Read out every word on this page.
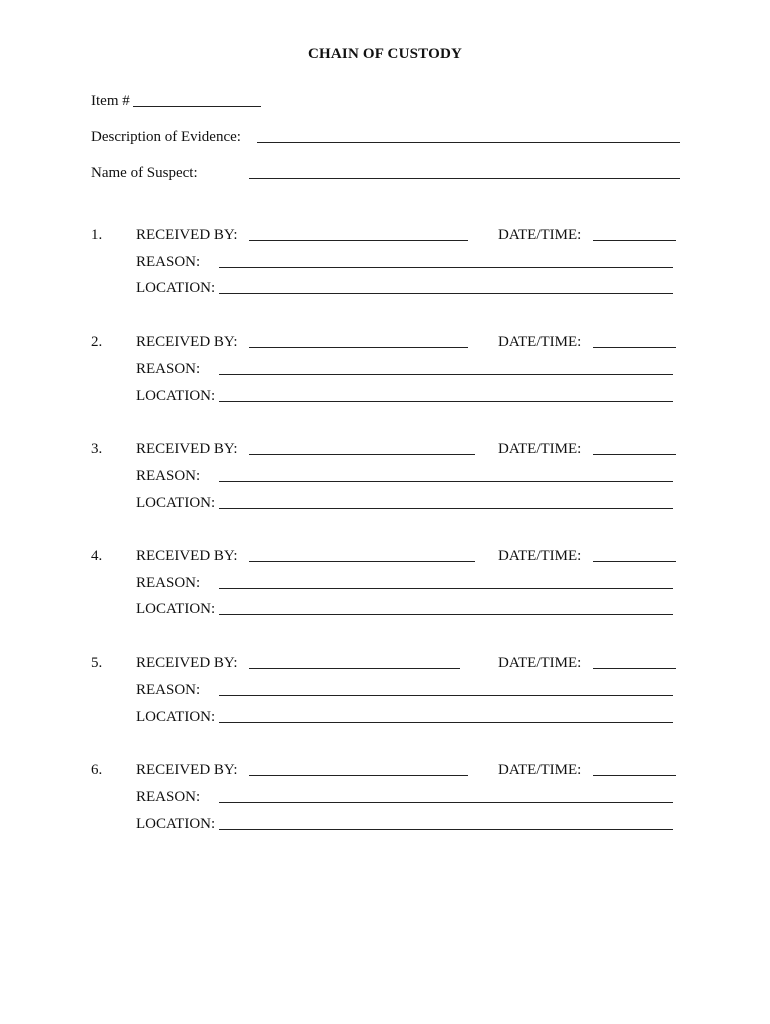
CHAIN OF CUSTODY
Item #
Description of Evidence:
Name of Suspect:
1. RECEIVED BY:	DATE/TIME:
REASON:
LOCATION:
2. RECEIVED BY:	DATE/TIME:
REASON:
LOCATION:
3. RECEIVED BY:	DATE/TIME:
REASON:
LOCATION:
4. RECEIVED BY:	DATE/TIME:
REASON:
LOCATION:
5. RECEIVED BY:	DATE/TIME:
REASON:
LOCATION:
6. RECEIVED BY:	DATE/TIME:
REASON:
LOCATION:
